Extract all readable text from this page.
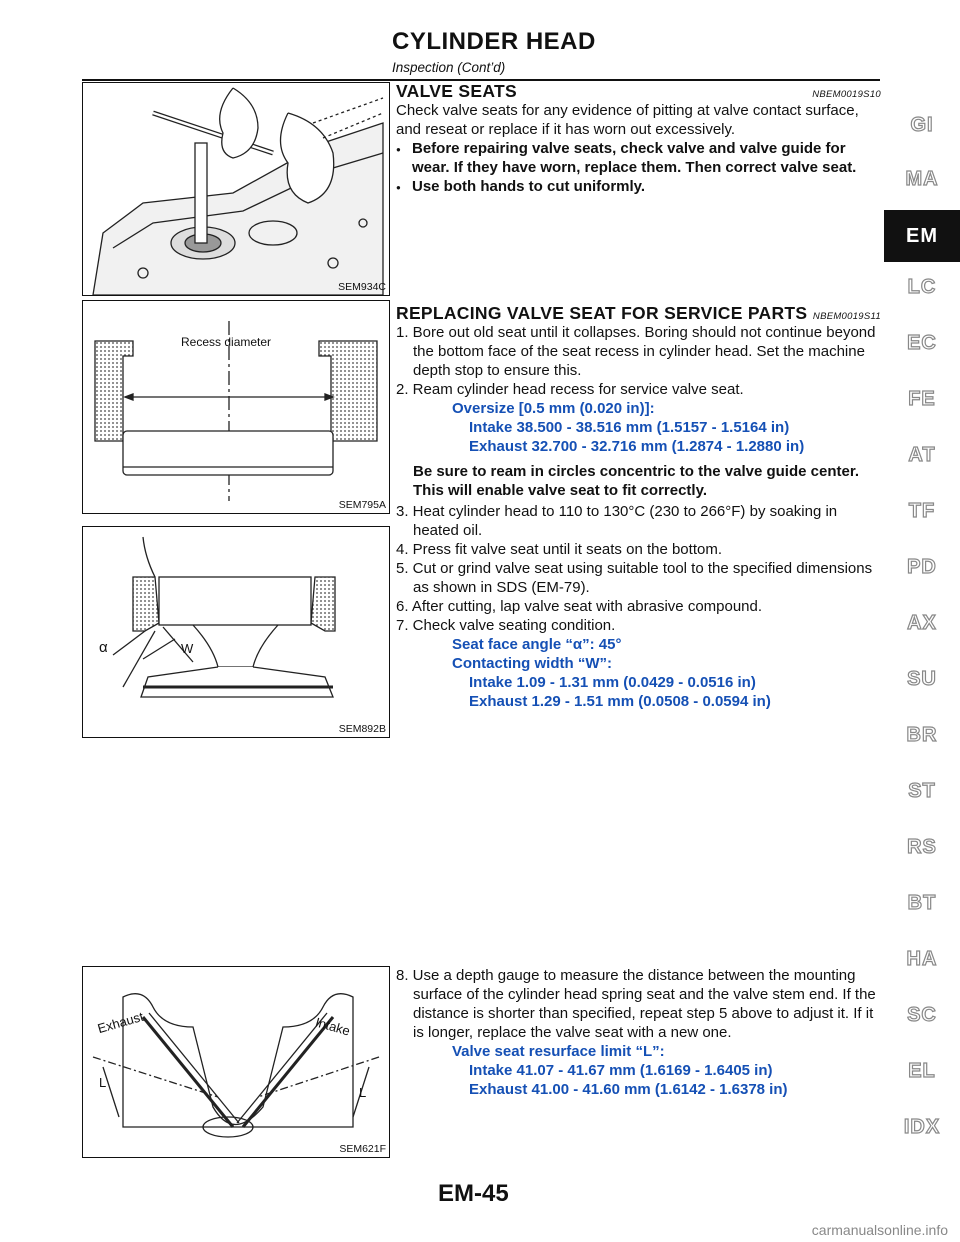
CYLINDER HEAD
Inspection (Cont’d)
SEM934C
Recess diameter
SEM795A
α	W
SEM892B
Exhaust	Intake
L
L
SEM621F
VALVE SEATS	NBEM0019S10

Check valve seats for any evidence of pitting at valve contact surface, and reseat or replace if it has worn out excessively.

● Before repairing valve seats, check valve and valve guide for wear. If they have worn, replace them. Then correct valve seat.

● Use both hands to cut uniformly.

REPLACING VALVE SEAT FOR SERVICE PARTS NBEM0019S11

1. Bore out old seat until it collapses. Boring should not continue beyond the bottom face of the seat recess in cylinder head. Set the machine depth stop to ensure this.

2. Ream cylinder head recess for service valve seat.

Oversize [0.5 mm (0.020 in)]:

Intake 38.500 - 38.516 mm (1.5157 - 1.5164 in)

Exhaust 32.700 - 32.716 mm (1.2874 - 1.2880 in)

Be sure to ream in circles concentric to the valve guide center.

This will enable valve seat to fit correctly.

3. Heat cylinder head to 110 to 130°C (230 to 266°F) by soaking in heated oil.

4. Press fit valve seat until it seats on the bottom.

5. Cut or grind valve seat using suitable tool to the specified dimensions as shown in SDS (EM-79).

6. After cutting, lap valve seat with abrasive compound.

7. Check valve seating condition.

Seat face angle “α”: 45°

Contacting width “W”:

Intake 1.09 - 1.31 mm (0.0429 - 0.0516 in)

Exhaust 1.29 - 1.51 mm (0.0508 - 0.0594 in)

8. Use a depth gauge to measure the distance between the mounting surface of the cylinder head spring seat and the valve stem end. If the distance is shorter than specified, repeat step 5 above to adjust it. If it is longer, replace the valve seat with a new one.

Valve seat resurface limit “L”:

Intake 41.07 - 41.67 mm (1.6169 - 1.6405 in)

Exhaust 41.00 - 41.60 mm (1.6142 - 1.6378 in)

GI
MA
EM
LC
EC
FE
AT
TF
PD
AX
SU
BR
ST
RS
BT
HA
SC
EL
IDX
EM-45
carmanualsonline.info
